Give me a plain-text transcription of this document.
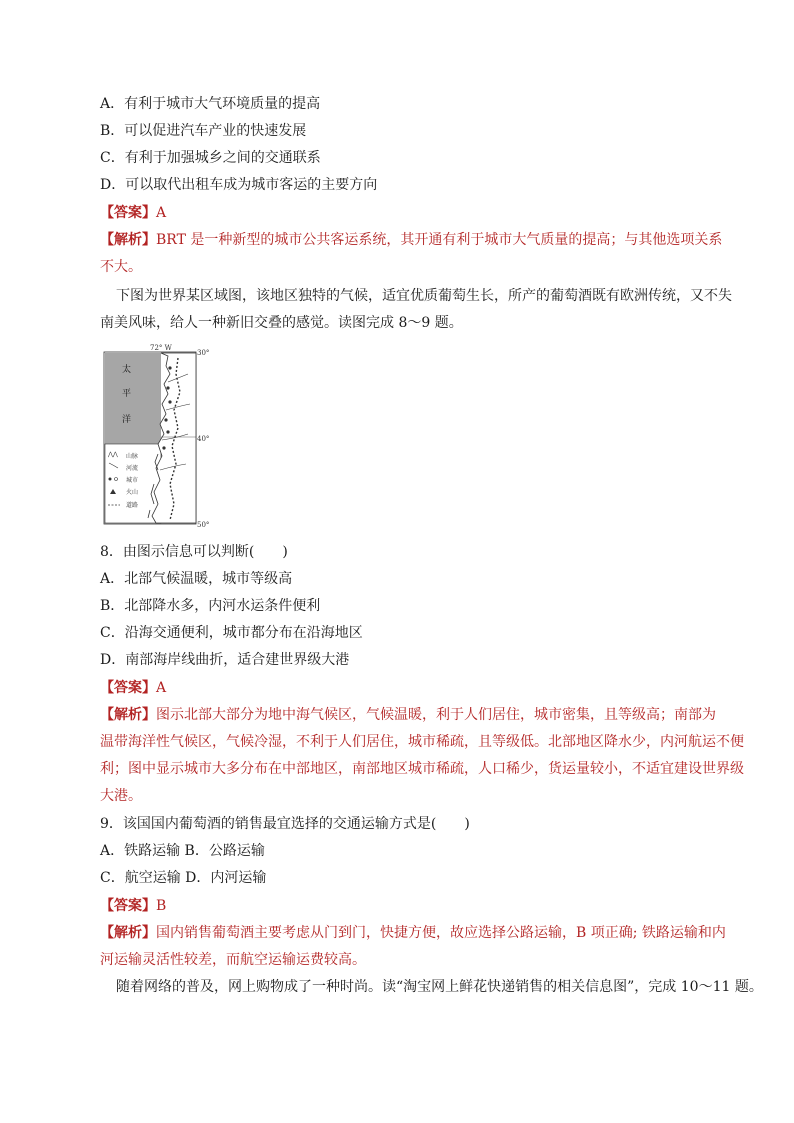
A．有利于城市大气环境质量的提高
B．可以促进汽车产业的快速发展
C．有利于加强城乡之间的交通联系
D．可以取代出租车成为城市客运的主要方向
【答案】A
【解析】BRT 是一种新型的城市公共客运系统，其开通有利于城市大气质量的提高；与其他选项关系
不大。
下图为世界某区域图，该地区独特的气候，适宜优质葡萄生长，所产的葡萄酒既有欧洲传统，又不失
南美风味，给人一种新旧交叠的感觉。读图完成 8～9 题。
72° W
30°
40°
50°
太
平
洋
⋀⋀ 山脉
河流
城市
火山
道路
8．由图示信息可以判断(　　)
A．北部气候温暖，城市等级高
B．北部降水多，内河水运条件便利
C．沿海交通便利，城市都分布在沿海地区
D．南部海岸线曲折，适合建世界级大港
【答案】A
【解析】图示北部大部分为地中海气候区，气候温暖，利于人们居住，城市密集，且等级高；南部为
温带海洋性气候区，气候冷湿，不利于人们居住，城市稀疏，且等级低。北部地区降水少，内河航运不便
利；图中显示城市大多分布在中部地区，南部地区城市稀疏，人口稀少，货运量较小，不适宜建设世界级
大港。
9．该国国内葡萄酒的销售最宜选择的交通运输方式是(　　)
A．铁路运输 B．公路运输
C．航空运输 D．内河运输
【答案】B
【解析】国内销售葡萄酒主要考虑从门到门，快捷方便，故应选择公路运输，B 项正确; 铁路运输和内
河运输灵活性较差，而航空运输运费较高。
随着网络的普及，网上购物成了一种时尚。读“淘宝网上鲜花快递销售的相关信息图”，完成 10～11 题。
